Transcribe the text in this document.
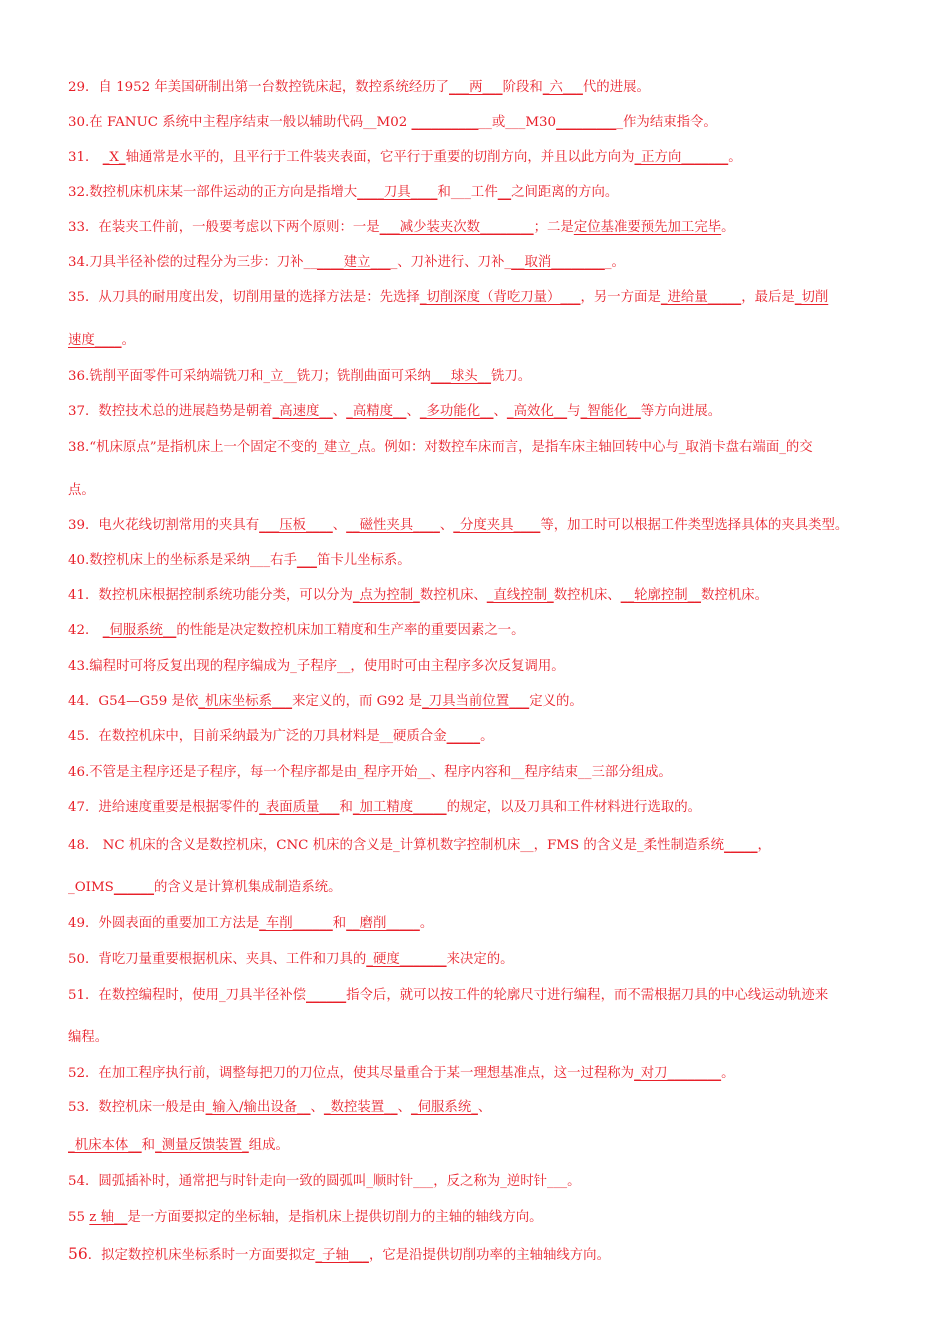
29．自 1952 年美国研制出第一台数控铣床起，数控系统经历了___两___阶段和_六___代的进展。
30.在 FANUC 系统中主程序结束一般以辅助代码__M02 ____________或___M30__________作为结束指令。
31． _X_轴通常是水平的，且平行于工件装夹表面，它平行于重要的切削方向，并且以此方向为_正方向_______。
32.数控机床机床某一部件运动的正方向是指增大____刀具____和___工件__之间距离的方向。
33．在装夹工件前，一般要考虑以下两个原则：一是___减少装夹次数________；二是定位基准要预先加工完毕。
34.刀具半径补偿的过程分为三步：刀补______建立____、刀补进行、刀补___取消_________。
35．从刀具的耐用度出发，切削用量的选择方法是：先选择_切削深度（背吃刀量）___，另一方面是_进给量_____，最后是_切削
速度____。
36.铣削平面零件可采纳端铣刀和_立__铣刀；铣削曲面可采纳___球头__铣刀。
37．数控技术总的进展趋势是朝着_高速度__、_高精度__、_多功能化__、_高效化__与_智能化__等方向进展。
38.“机床原点”是指机床上一个固定不变的_建立_点。例如：对数控车床而言，是指车床主轴回转中心与_取消卡盘右端面_的交
点。
39．电火花线切割常用的夹具有___压板____、__磁性夹具____、_分度夹具____等，加工时可以根据工件类型选择具体的夹具类型。
40.数控机床上的坐标系是采纳___右手___笛卡儿坐标系。
41．数控机床根据控制系统功能分类，可以分为_点为控制_数控机床、_直线控制_数控机床、__轮廓控制__数控机床。
42． _伺服系统__的性能是决定数控机床加工精度和生产率的重要因素之一。
43.编程时可将反复出现的程序编成为_子程序__，使用时可由主程序多次反复调用。
44．G54—G59 是依_机床坐标系___来定义的，而 G92 是_刀具当前位置___定义的。
45．在数控机床中，目前采纳最为广泛的刀具材料是__硬质合金_____。
46.不管是主程序还是子程序，每一个程序都是由_程序开始__、程序内容和__程序结束__三部分组成。
47．进给速度重要是根据零件的_表面质量___和_加工精度_____的规定，以及刀具和工件材料进行选取的。
48． NC 机床的含义是数控机床，CNC 机床的含义是_计算机数字控制机床__，FMS 的含义是_柔性制造系统_____，
_OIMS______的含义是计算机集成制造系统。
49．外圆表面的重要加工方法是_车削______和__磨削_____。
50．背吃刀量重要根据机床、夹具、工件和刀具的_硬度_______来决定的。
51．在数控编程时，使用_刀具半径补偿______指令后，就可以按工件的轮廓尺寸进行编程，而不需根据刀具的中心线运动轨迹来
编程。
52．在加工程序执行前，调整每把刀的刀位点，使其尽量重合于某一理想基准点，这一过程称为_对刀________。
53．数控机床一般是由_输入/输出设备__、_数控装置__、_伺服系统_、
_机床本体__和_测量反馈装置_组成。
54．圆弧插补时，通常把与时针走向一致的圆弧叫_顺时针___，反之称为_逆时针___。
55 z 轴__是一方面要拟定的坐标轴，是指机床上提供切削力的主轴的轴线方向。
56．拟定数控机床坐标系时一方面要拟定_子轴___，它是沿提供切削功率的主轴轴线方向。
